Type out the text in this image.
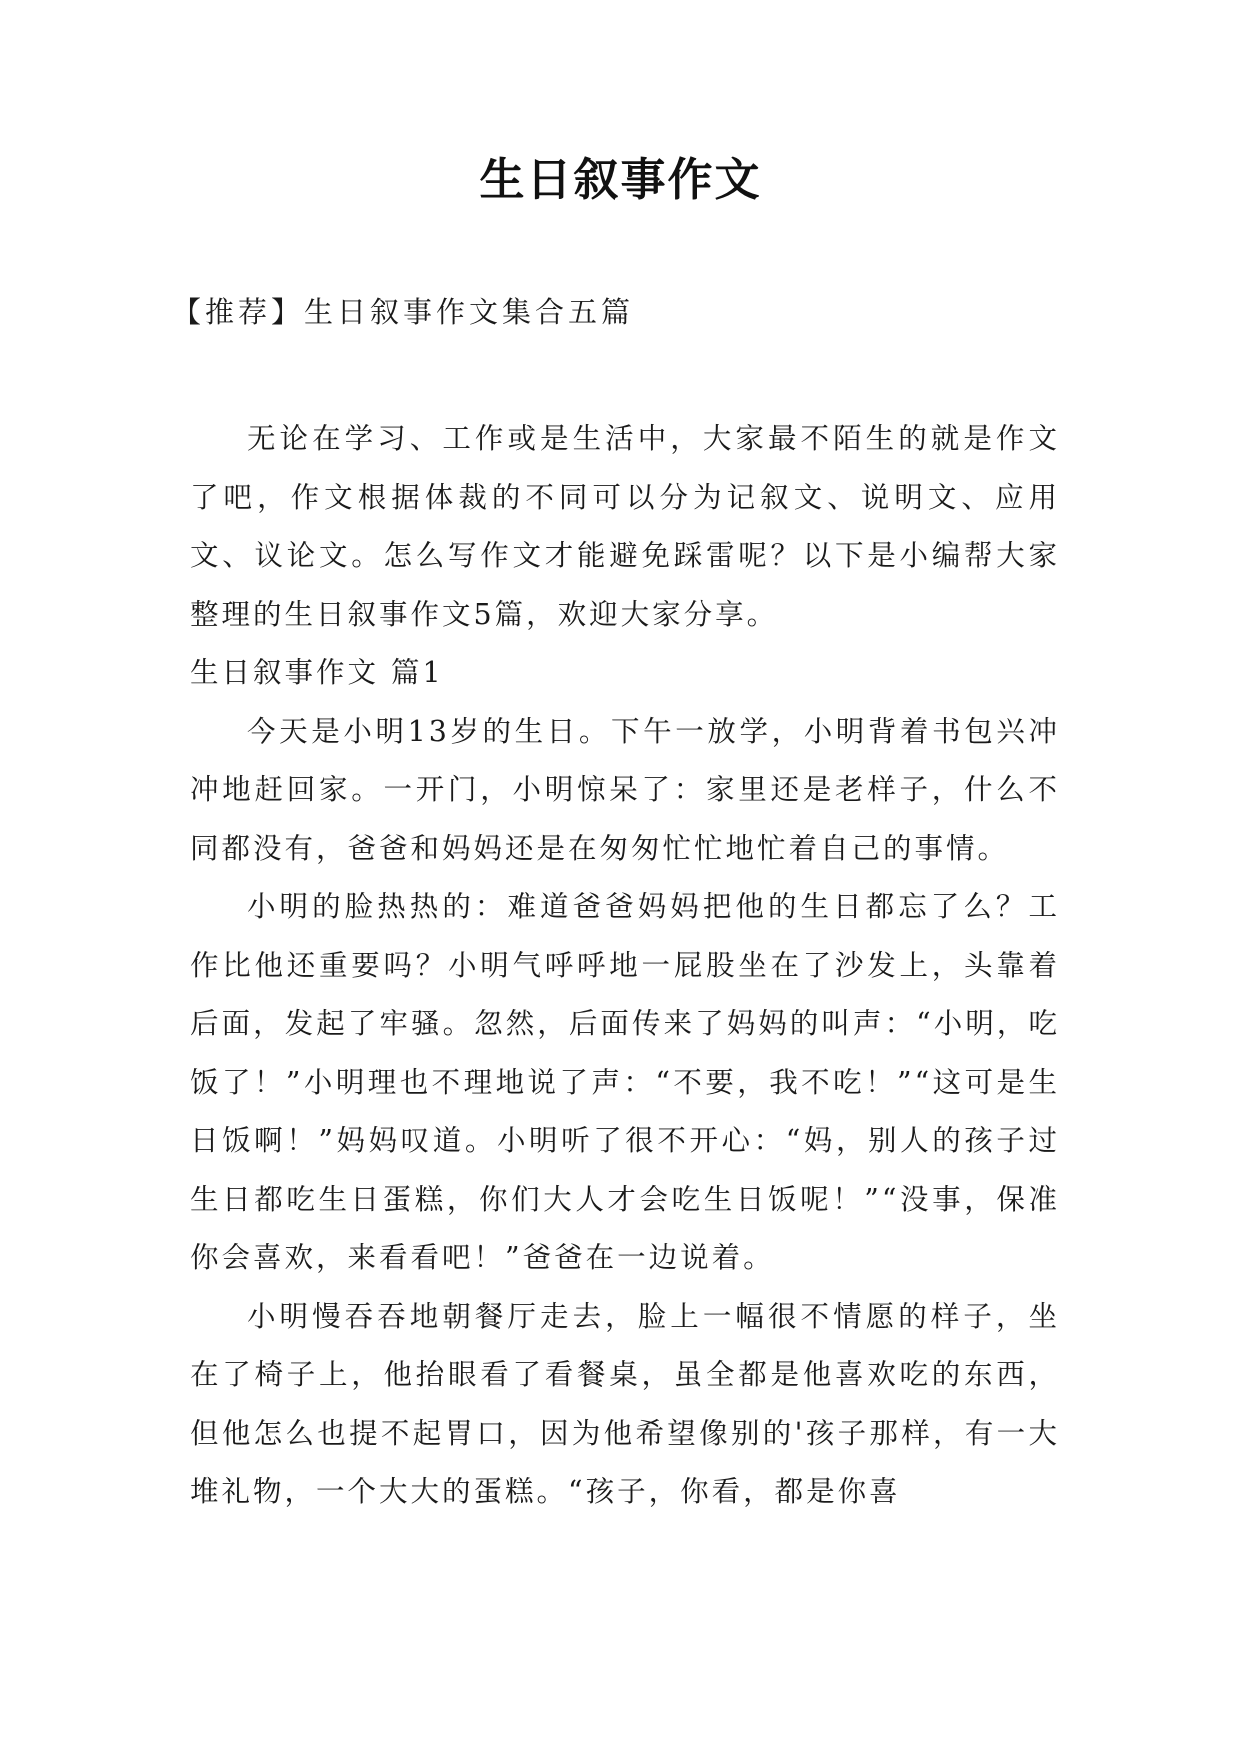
生日叙事作文
【推荐】生日叙事作文集合五篇

无论在学习、工作或是生活中，大家最不陌生的就是作文了吧，作文根据体裁的不同可以分为记叙文、说明文、应用文、议论文。怎么写作文才能避免踩雷呢？以下是小编帮大家整理的生日叙事作文5篇，欢迎大家分享。

生日叙事作文 篇1

今天是小明13岁的生日。下午一放学，小明背着书包兴冲冲地赶回家。一开门，小明惊呆了：家里还是老样子，什么不同都没有，爸爸和妈妈还是在匆匆忙忙地忙着自己的事情。

小明的脸热热的：难道爸爸妈妈把他的生日都忘了么？工作比他还重要吗？小明气呼呼地一屁股坐在了沙发上，头靠着后面，发起了牢骚。忽然，后面传来了妈妈的叫声：“小明，吃饭了！”小明理也不理地说了声：“不要，我不吃！”“这可是生日饭啊！”妈妈叹道。小明听了很不开心：“妈，别人的孩子过生日都吃生日蛋糕，你们大人才会吃生日饭呢！”“没事，保准你会喜欢，来看看吧！”爸爸在一边说着。

小明慢吞吞地朝餐厅走去，脸上一幅很不情愿的样子，坐在了椅子上，他抬眼看了看餐桌，虽全都是他喜欢吃的东西，但他怎么也提不起胃口，因为他希望像别的'孩子那样，有一大堆礼物，一个大大的蛋糕。“孩子，你看，都是你喜
